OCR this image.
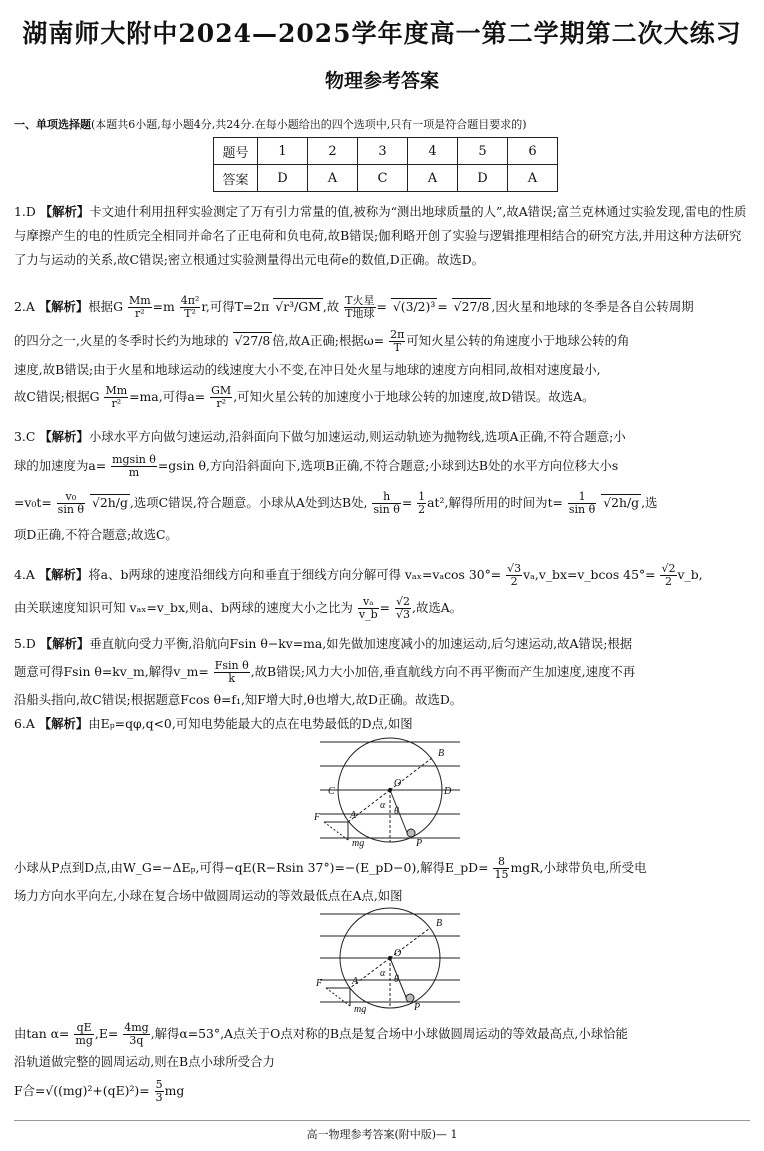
湖南师大附中2024—2025学年度高一第二学期第二次大练习
物理参考答案
一、单项选择题(本题共6小题,每小题4分,共24分.在每小题给出的四个选项中,只有一项是符合题目要求的)
题号	1	2	3	4	5	6
答案	D	A	C	A	D	A
1.D 【解析】卡文迪什利用扭秤实验测定了万有引力常量的值,被称为“测出地球质量的人”,故A错误;富兰克林通过实验发现,雷电的性质与摩擦产生的电的性质完全相同并命名了正电荷和负电荷,故B错误;伽利略开创了实验与逻辑推理相结合的研究方法,并用这种方法研究了力与运动的关系,故C错误;密立根通过实验测量得出元电荷e的数值,D正确。故选D。
2.A 【解析】根据G $\frac{Mm}{\text{r²}} =m \frac{\text{4π²}}{\text{T²}} r$,可得T=2π √r³/GM ,故 $\frac{\text{T火星}}{\text{T地球}} = √(3/2)^3 = √27/8$ ,因火星和地球的冬季是各自公转周期
的四分之一,火星的冬季时长约为地球的 √27/8 倍,故A正确;根据$\omega= \frac{2\pi}{T}$ 可知火星公转的角速度小于地球公转的角
速度,故B错误;由于火星和地球运动的线速度大小不变,在冲日处火星与地球的速度方向相同,故相对速度最小,
故C错误;根据G $\frac{Mm}{\text{r²}} =ma$,可得$a= \frac{GM}{\text{r²}}$ ,可知火星公转的加速度小于地球公转的加速度,故D错误。故选A。
3.C 【解析】小球水平方向做匀速运动,沿斜面向下做匀加速运动,则运动轨迹为抛物线,选项A正确,不符合题意;小
球的加速度为$a= \frac{\text{mgsin θ}}{m} =gsin$ θ,方向沿斜面向下,选项B正确,不符合题意;小球到达B处的水平方向位移大小s
$=v_0t= \frac{\text{v₀}}{\text{sin θ}} √2h/g$ ,选项C错误,符合题意。小球从A处到达B处, $\frac{h}{\text{sin θ}} = \frac{1}{2} at^2$,解得所用的时间为$t= \frac{1}{\text{sin θ}} √2h/g$ ,选
项D正确,不符合题意;故选C。
4.A 【解析】将a、b两球的速度沿细线方向和垂直于细线方向分解可得 vₐₓ=vₐcos $30^\circ= \frac{√3}{2}$ vₐ,v_bx=v_bcos $45^\circ= \frac{√2}{2}$ v_b,
由关联速度知识可知 vₐₓ=v_bx,则a、b两球的速度大小之比为 $\frac{\text{vₐ}}{v\_b} = \frac{√2}{√3}$ ,故选A。
5.D 【解析】垂直航向受力平衡,沿航向Fsin θ−kv=ma,如先做加速度减小的加速运动,后匀速运动,故A错误;根据
题意可得Fsin θ=kv_m,解得v_m= $\frac{\text{Fsin θ}}{k}$ ,故B错误;风力大小加倍,垂直航线方向不再平衡而产生加速度,速度不再
沿船头指向,故C错误;根据题意Fcos θ=f₁,知F增大时,θ也增大,故D正确。故选D。
6.A 【解析】由Eₚ=qφ,q<0,可知电势能最大的点在电势最低的D点,如图
B
C
O
D
F	A
mg
θ
α
P
小球从P点到D点,由W_G=−ΔEₚ,可得−qE(R−Rsin 37°)=−(E_pD−0),解得E_pD= $\frac{8}{15}$ mgR,小球带负电,所受电
场力方向水平向左,小球在复合场中做圆周运动的等效最低点在A点,如图
B
O
F	A	θ
P
mg
α
由$\tan \alpha= \frac{qE}{mg} ,E= \frac{4mg}{3q}$ ,解得α=53°,A点关于O点对称的B点是复合场中小球做圆周运动的等效最高点,小球恰能
沿轨道做完整的圆周运动,则在B点小球所受合力
F合$=√((mg)^2+(qE)^2)= \frac{5}{3}$ mg
高一物理参考答案(附中版)— 1
